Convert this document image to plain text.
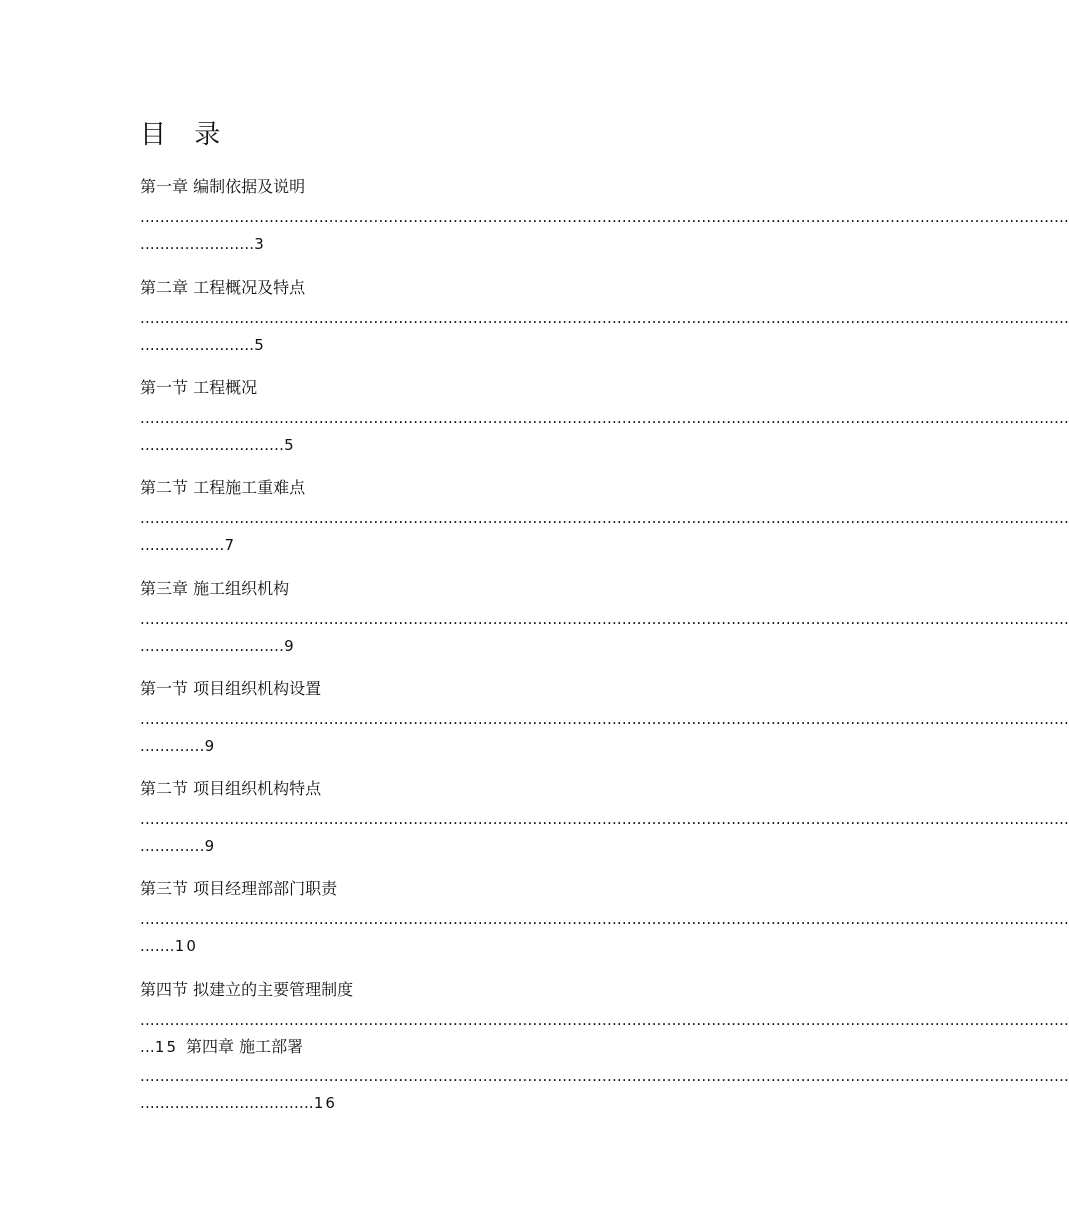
目 录
第一章 编制依据及说明
...........................................................................................................................................................................................
.......................3
第二章 工程概况及特点
...........................................................................................................................................................................................
.......................5
第一节 工程概况
...........................................................................................................................................................................................
.............................5
第二节 工程施工重难点
...........................................................................................................................................................................................
.................7
第三章 施工组织机构
...........................................................................................................................................................................................
.............................9
第一节 项目组织机构设置
...........................................................................................................................................................................................
.............9
第二节 项目组织机构特点
...........................................................................................................................................................................................
.............9
第三节 项目经理部部门职责
...........................................................................................................................................................................................
.......10
第四节 拟建立的主要管理制度
...........................................................................................................................................................................................
...15 第四章 施工部署
...........................................................................................................................................................................................
...................................16
